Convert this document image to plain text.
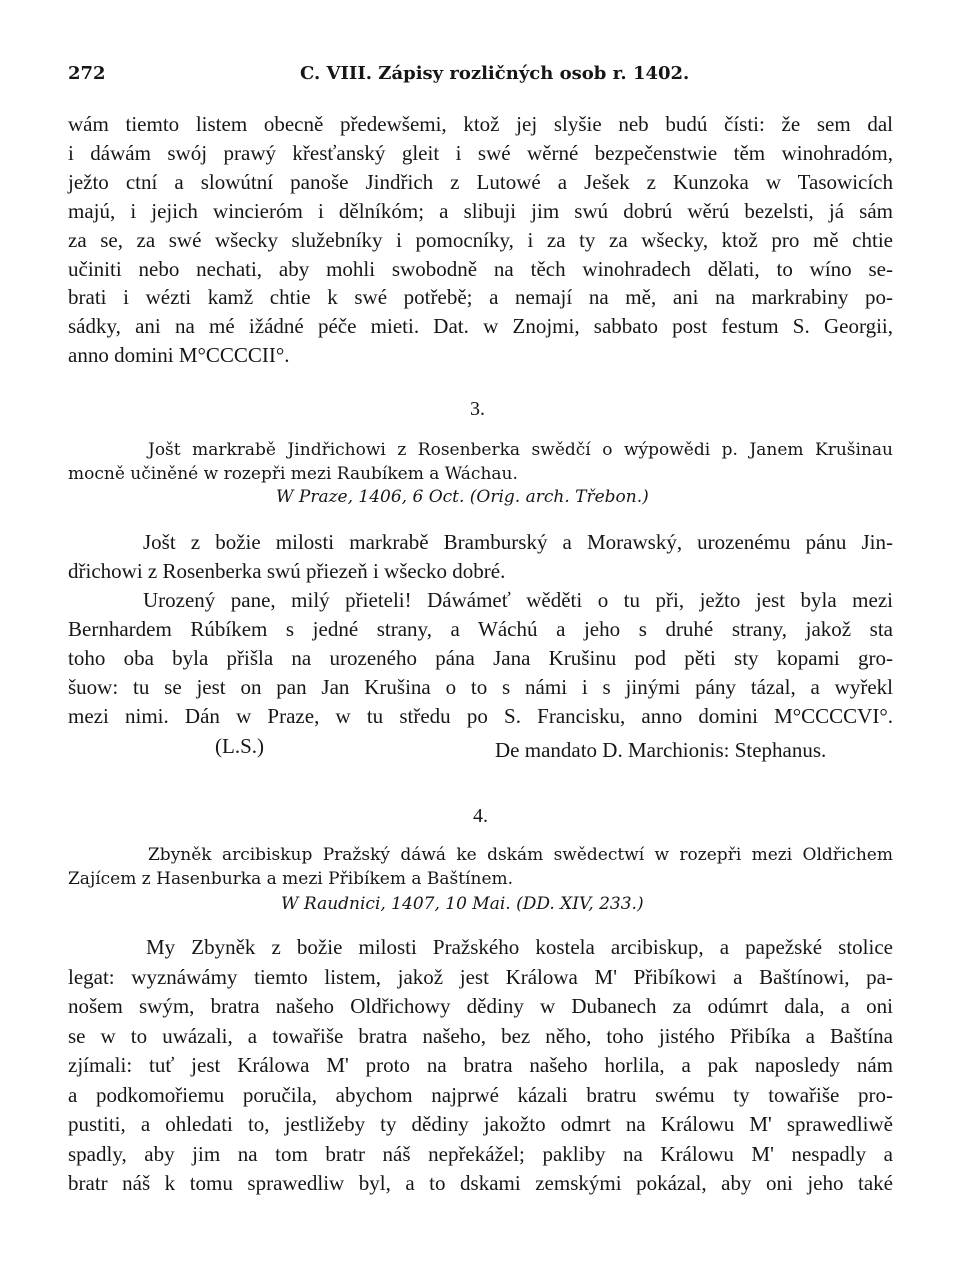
272	C. VIII. Zápisy rozličných osob r. 1402.
wám tiemto listem obecně předewšemi, ktož jej slyšie neb budú čísti: že sem dal
i dáwám swój prawý křesťanský gleit i swé wěrné bezpečenstwie těm winohradóm,
ježto ctní a slowútní panoše Jindřich z Lutowé a Ješek z Kunzoka w Tasowicích
majú, i jejich wincieróm i dělníkóm; a slibuji jim swú dobrú wěrú bezelsti, já sám
za se, za swé wšecky služebníky i pomocníky, i za ty za wšecky, ktož pro mě chtie
učiniti nebo nechati, aby mohli swobodně na těch winohradech dělati, to wíno se-
brati i wézti kamž chtie k swé potřebě; a nemají na mě, ani na markrabiny po-
sádky, ani na mé ižádné péče mieti. Dat. w Znojmi, sabbato post festum S. Georgii,
anno domini M°CCCCII°.
3.
Jošt markrabě Jindřichowi z Rosenberka swědčí o wýpowědi p. Janem Krušinau
mocně učiněné w rozepři mezi Raubíkem a Wáchau.
W Praze, 1406, 6 Oct. (Orig. arch. Třebon.)
Jošt z božie milosti markrabě Bramburský a Morawský, urozenému pánu Jin-
dřichowi z Rosenberka swú přiezeň i wšecko dobré.
Urozený pane, milý přieteli! Dáwámeť wěděti o tu při, ježto jest byla mezi
Bernhardem Rúbíkem s jedné strany, a Wáchú a jeho s druhé strany, jakož sta
toho oba byla přišla na urozeného pána Jana Krušinu pod pěti sty kopami gro-
šuow: tu se jest on pan Jan Krušina o to s námi i s jinými pány tázal, a wyřekl
mezi nimi. Dán w Praze, w tu středu po S. Francisku, anno domini M°CCCCVI°.
(L.S.)	De mandato D. Marchionis: Stephanus.
4.
Zbyněk arcibiskup Pražský dáwá ke dskám swědectwí w rozepři mezi Oldřichem
Zajícem z Hasenburka a mezi Přibíkem a Baštínem.
W Raudnici, 1407, 10 Mai. (DD. XIV, 233.)
My Zbyněk z božie milosti Pražského kostela arcibiskup, a papežské stolice
legat: wyznáwámy tiemto listem, jakož jest Králowa M' Přibíkowi a Baštínowi, pa-
nošem swým, bratra našeho Oldřichowy dědiny w Dubanech za odúmrt dala, a oni
se w to uwázali, a towařiše bratra našeho, bez něho, toho jistého Přibíka a Baštína
zjímali: tuť jest Králowa M' proto na bratra našeho horlila, a pak naposledy nám
a podkomořiemu poručila, abychom najprwé kázali bratru swému ty towařiše pro-
pustiti, a ohledati to, jestližeby ty dědiny jakožto odmrt na Králowu M' sprawedliwě
spadly, aby jim na tom bratr náš nepřekážel; pakliby na Králowu M' nespadly a
bratr náš k tomu sprawedliw byl, a to dskami zemskými pokázal, aby oni jeho také
